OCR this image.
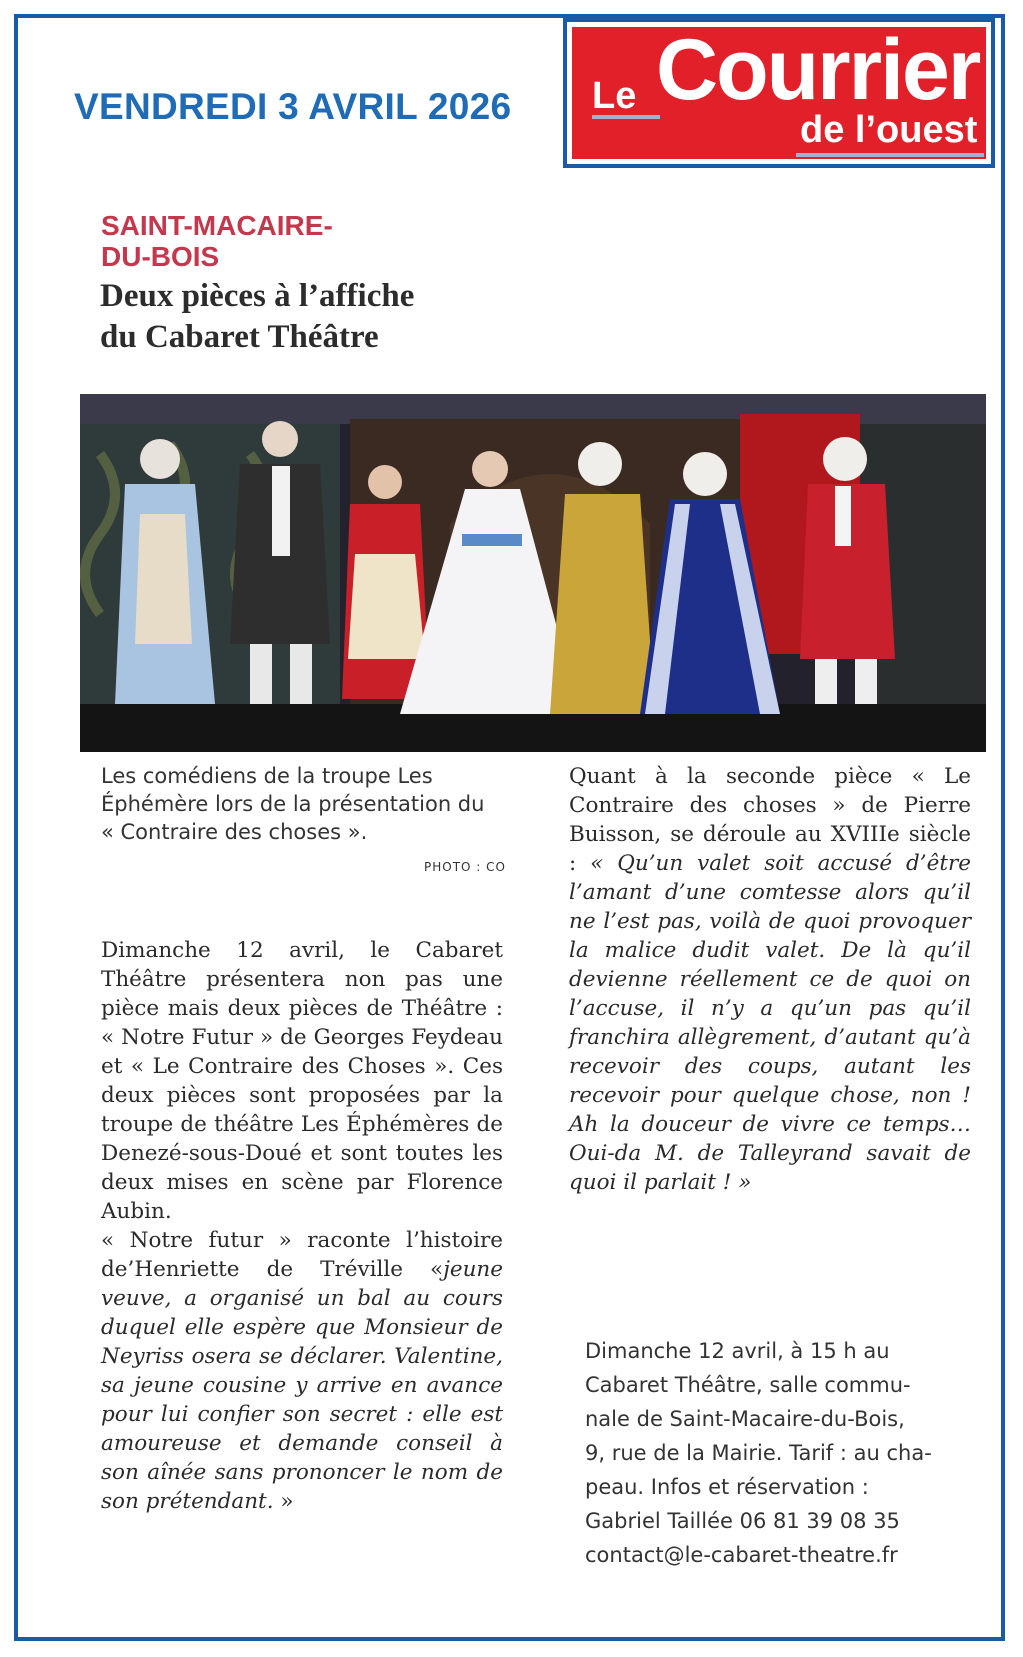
VENDREDI 3 AVRIL 2026 Le Courrier
de l’ouest
SAINT-MACAIRE-
DU-BOIS
Deux pièces à l’affiche
du Cabaret Théâtre

Les comédiens de la troupe Les Éphémère lors de la présentation du « Contraire des choses ».

PHOTO : CO

Dimanche 12 avril, le Cabaret Théâtre présentera non pas une pièce mais deux pièces de Théâtre : « Notre Futur » de Georges Feydeau et « Le Contraire des Choses ». Ces deux pièces sont proposées par la troupe de théâtre Les Éphémères de Denezé-sous-Doué et sont toutes les deux mises en scène par Florence Aubin.

« Notre futur » raconte l’histoire de’Henriette de Tréville «jeune veuve, a organisé un bal au cours duquel elle espère que Monsieur de Neyriss osera se déclarer. Valentine, sa jeune cousine y arrive en avance pour lui confier son secret : elle est amoureuse et demande conseil à son aînée sans prononcer le nom de son prétendant. »

Quant à la seconde pièce « Le Contraire des choses » de Pierre Buisson, se déroule au XVIIIe siècle : « Qu’un valet soit accusé d’être l’amant d’une comtesse alors qu’il ne l’est pas, voilà de quoi provoquer la malice dudit valet. De là qu’il devienne réellement ce de quoi on l’accuse, il n’y a qu’un pas qu’il franchira allègrement, d’autant qu’à recevoir des coups, autant les recevoir pour quelque chose, non ! Ah la douceur de vivre ce temps… Oui-da M. de Talleyrand savait de quoi il parlait ! »

Dimanche 12 avril, à 15 h au
Cabaret Théâtre, salle commu-
nale de Saint-Macaire-du-Bois,
9, rue de la Mairie. Tarif : au cha-
peau. Infos et réservation :
Gabriel Taillée 06 81 39 08 35
contact@le-cabaret-theatre.fr
